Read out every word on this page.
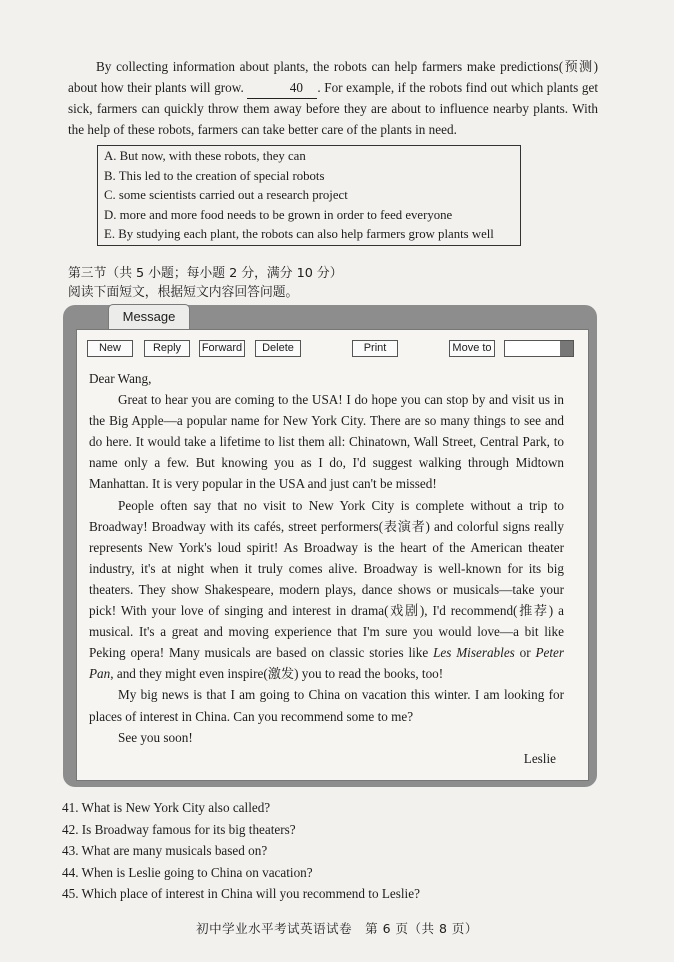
By collecting information about plants, the robots can help farmers make predictions(预测) about how their plants will grow.	40 . For example, if the robots find out which plants get sick, farmers can quickly throw them away before they are about to influence nearby plants. With the help of these robots, farmers can take better care of the plants in need.
A. But now, with these robots, they can
B. This led to the creation of special robots
C. some scientists carried out a research project
D. more and more food needs to be grown in order to feed everyone
E. By studying each plant, the robots can also help farmers grow plants well
第三节（共 5 小题；每小题 2 分，满分 10 分）
阅读下面短文，根据短文内容回答问题。
Message
New	Reply	Forward	Delete	Print	Move to

Dear Wang,

Great to hear you are coming to the USA! I do hope you can stop by and visit us in the Big Apple—a popular name for New York City. There are so many things to see and do here. It would take a lifetime to list them all: Chinatown, Wall Street, Central Park, to name only a few. But knowing you as I do, I'd suggest walking through Midtown Manhattan. It is very popular in the USA and just can't be missed!

People often say that no visit to New York City is complete without a trip to Broadway! Broadway with its cafés, street performers(表演者) and colorful signs really represents New York's loud spirit! As Broadway is the heart of the American theater industry, it's at night when it truly comes alive. Broadway is well-known for its big theaters. They show Shakespeare, modern plays, dance shows or musicals—take your pick! With your love of singing and interest in drama(戏剧), I'd recommend(推荐) a musical. It's a great and moving experience that I'm sure you would love—a bit like Peking opera! Many musicals are based on classic stories like Les Miserables or Peter Pan, and they might even inspire(激发) you to read the books, too!

My big news is that I am going to China on vacation this winter. I am looking for places of interest in China. Can you recommend some to me?

See you soon!

Leslie

41. What is New York City also called?
42. Is Broadway famous for its big theaters?
43. What are many musicals based on?
44. When is Leslie going to China on vacation?
45. Which place of interest in China will you recommend to Leslie?
初中学业水平考试英语试卷　第 6 页（共 8 页）
